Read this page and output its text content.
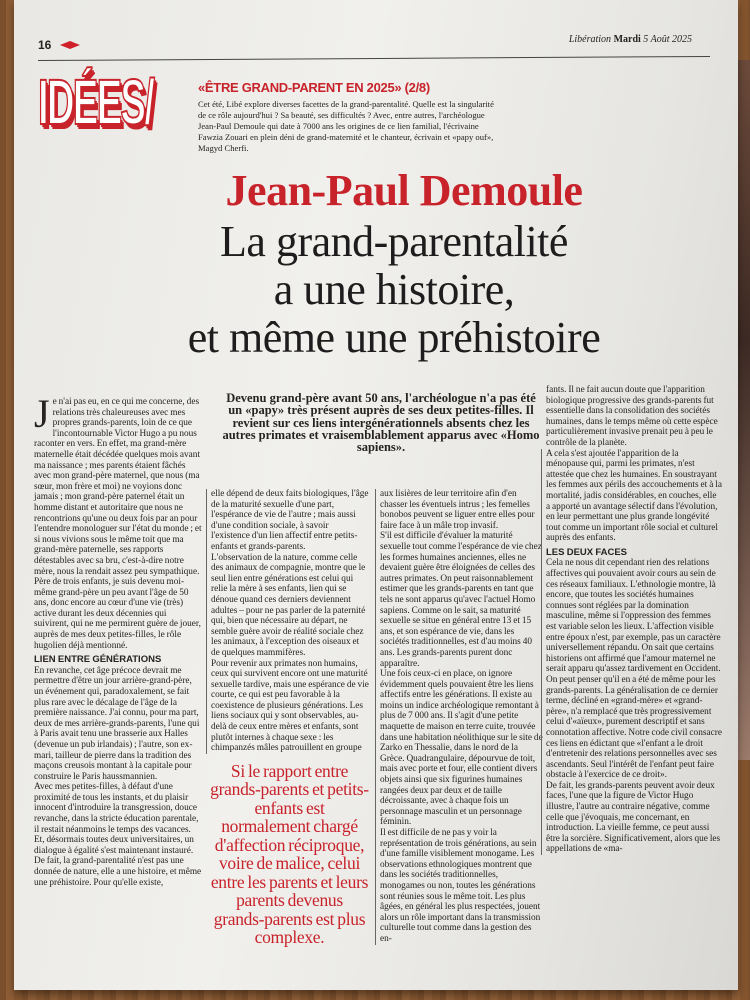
16	Libération Mardi 5 Août 2025
IDÉES/	«ÊTRE GRAND-PARENT EN 2025» (2/8)
Cet été, Libé explore diverses facettes de la grand-parentalité. Quelle est la singularité de ce rôle aujourd'hui ? Sa beauté, ses difficultés ? Avec, entre autres, l'archéologue Jean-Paul Demoule qui date à 7000 ans les origines de ce lien familial, l'écrivaine Fawzia Zouari en plein déni de grand-maternité et le chanteur, écrivain et «papy ouf», Magyd Cherfi.
Jean-Paul Demoule
La grand-parentalité
a une histoire,
et même une préhistoire
Devenu grand-père avant 50 ans, l'archéologue n'a pas été un «papy» très présent auprès de ses deux petites-filles. Il revient sur ces liens intergénérationnels absents chez les autres primates et vraisemblablement apparus avec «Homo sapiens».
J e n'ai pas eu, en ce qui me concerne, des relations très chaleureuses avec mes propres grands-parents, loin de ce que l'incontournable Victor Hugo a pu nous raconter en vers. En effet, ma grand-mère maternelle était décédée quelques mois avant ma naissance ; mes parents étaient fâchés avec mon grand-père maternel, que nous (ma sœur, mon frère et moi) ne voyions donc jamais ; mon grand-père paternel était un homme distant et autoritaire que nous ne rencontrions qu'une ou deux fois par an pour l'entendre monologuer sur l'état du monde ; et si nous vivions sous le même toit que ma grand-mère paternelle, ses rapports détestables avec sa bru, c'est-à-dire notre mère, nous la rendait assez peu sympathique.

Père de trois enfants, je suis devenu moi-même grand-père un peu avant l'âge de 50 ans, donc encore au cœur d'une vie (très) active durant les deux décennies qui suivirent, qui ne me permirent guère de jouer, auprès de mes deux petites-filles, le rôle hugolien déjà mentionné.

LIEN ENTRE GÉNÉRATIONS

En revanche, cet âge précoce devrait me permettre d'être un jour arrière-grand-père, un événement qui, paradoxalement, se fait plus rare avec le décalage de l'âge de la première naissance. J'ai connu, pour ma part, deux de mes arrière-grands-parents, l'une qui à Paris avait tenu une brasserie aux Halles (devenue un pub irlandais) ; l'autre, son ex-mari, tailleur de pierre dans la tradition des maçons creusois montant à la capitale pour construire le Paris haussmannien.

Avec mes petites-filles, à défaut d'une proximité de tous les instants, et du plaisir innocent d'introduire la transgression, douce revanche, dans la stricte éducation parentale, il restait néanmoins le temps des vacances. Et, désormais toutes deux universitaires, un dialogue à égalité s'est maintenant instauré.

De fait, la grand-parentalité n'est pas une donnée de nature, elle a une histoire, et même une préhistoire. Pour qu'elle existe,

elle dépend de deux faits biologiques, l'âge de la maturité sexuelle d'une part, l'espérance de vie de l'autre ; mais aussi d'une condition sociale, à savoir l'existence d'un lien affectif entre petits-enfants et grands-parents.

L'observation de la nature, comme celle des animaux de compagnie, montre que le seul lien entre générations est celui qui relie la mère à ses enfants, lien qui se dénoue quand ces derniers deviennent adultes – pour ne pas parler de la paternité qui, bien que nécessaire au départ, ne semble guère avoir de réalité sociale chez les animaux, à l'exception des oiseaux et de quelques mammifères.

Pour revenir aux primates non humains, ceux qui survivent encore ont une maturité sexuelle tardive, mais une espérance de vie courte, ce qui est peu favorable à la coexistence de plusieurs générations. Les liens sociaux qui y sont observables, au-delà de ceux entre mères et enfants, sont plutôt internes à chaque sexe : les chimpanzés mâles patrouillent en groupe

Si le rapport entre grands-parents et petits-enfants est normalement chargé d'affection réciproque, voire de malice, celui entre les parents et leurs parents devenus grands-parents est plus complexe.

aux lisières de leur territoire afin d'en chasser les éventuels intrus ; les femelles bonobos peuvent se liguer entre elles pour faire face à un mâle trop invasif.

S'il est difficile d'évaluer la maturité sexuelle tout comme l'espérance de vie chez les formes humaines anciennes, elles ne devaient guère être éloignées de celles des autres primates. On peut raisonnablement estimer que les grands-parents en tant que tels ne sont apparus qu'avec l'actuel Homo sapiens. Comme on le sait, sa maturité sexuelle se situe en général entre 13 et 15 ans, et son espérance de vie, dans les sociétés traditionnelles, est d'au moins 40 ans. Les grands-parents purent donc apparaître.

Une fois ceux-ci en place, on ignore évidemment quels pouvaient être les liens affectifs entre les générations. Il existe au moins un indice archéologique remontant à plus de 7 000 ans. Il s'agit d'une petite maquette de maison en terre cuite, trouvée dans une habitation néolithique sur le site de Zarko en Thessalie, dans le nord de la Grèce. Quadrangulaire, dépourvue de toit, mais avec porte et four, elle contient divers objets ainsi que six figurines humaines rangées deux par deux et de taille décroissante, avec à chaque fois un personnage masculin et un personnage féminin.

Il est difficile de ne pas y voir la représentation de trois générations, au sein d'une famille visiblement monogame. Les observations ethnologiques montrent que dans les sociétés traditionnelles, monogames ou non, toutes les générations sont réunies sous le même toit. Les plus âgées, en général les plus respectées, jouent alors un rôle important dans la transmission culturelle tout comme dans la gestion des en-

fants. Il ne fait aucun doute que l'apparition biologique progressive des grands-parents fut essentielle dans la consolidation des sociétés humaines, dans le temps même où cette espèce particulièrement invasive prenait peu à peu le contrôle de la planète.

A cela s'est ajoutée l'apparition de la ménopause qui, parmi les primates, n'est attestée que chez les humaines. En soustrayant les femmes aux périls des accouchements et à la mortalité, jadis considérables, en couches, elle a apporté un avantage sélectif dans l'évolution, en leur permettant une plus grande longévité tout comme un important rôle social et culturel auprès des enfants.

LES DEUX FACES

Cela ne nous dit cependant rien des relations affectives qui pouvaient avoir cours au sein de ces réseaux familiaux. L'ethnologie montre, là encore, que toutes les sociétés humaines connues sont réglées par la domination masculine, même si l'oppression des femmes est variable selon les lieux. L'affection visible entre époux n'est, par exemple, pas un caractère universellement répandu. On sait que certains historiens ont affirmé que l'amour maternel ne serait apparu qu'assez tardivement en Occident.

On peut penser qu'il en a été de même pour les grands-parents. La généralisation de ce dernier terme, décliné en «grand-mère» et «grand-père», n'a remplacé que très progressivement celui d'«aïeux», purement descriptif et sans connotation affective. Notre code civil consacre ces liens en édictant que «l'enfant a le droit d'entretenir des relations personnelles avec ses ascendants. Seul l'intérêt de l'enfant peut faire obstacle à l'exercice de ce droit».

De fait, les grands-parents peuvent avoir deux faces, l'une que la figure de Victor Hugo illustre, l'autre au contraire négative, comme celle que j'évoquais, me concernant, en introduction. La vieille femme, ce peut aussi être la sorcière. Significativement, alors que les appellations de «ma-
